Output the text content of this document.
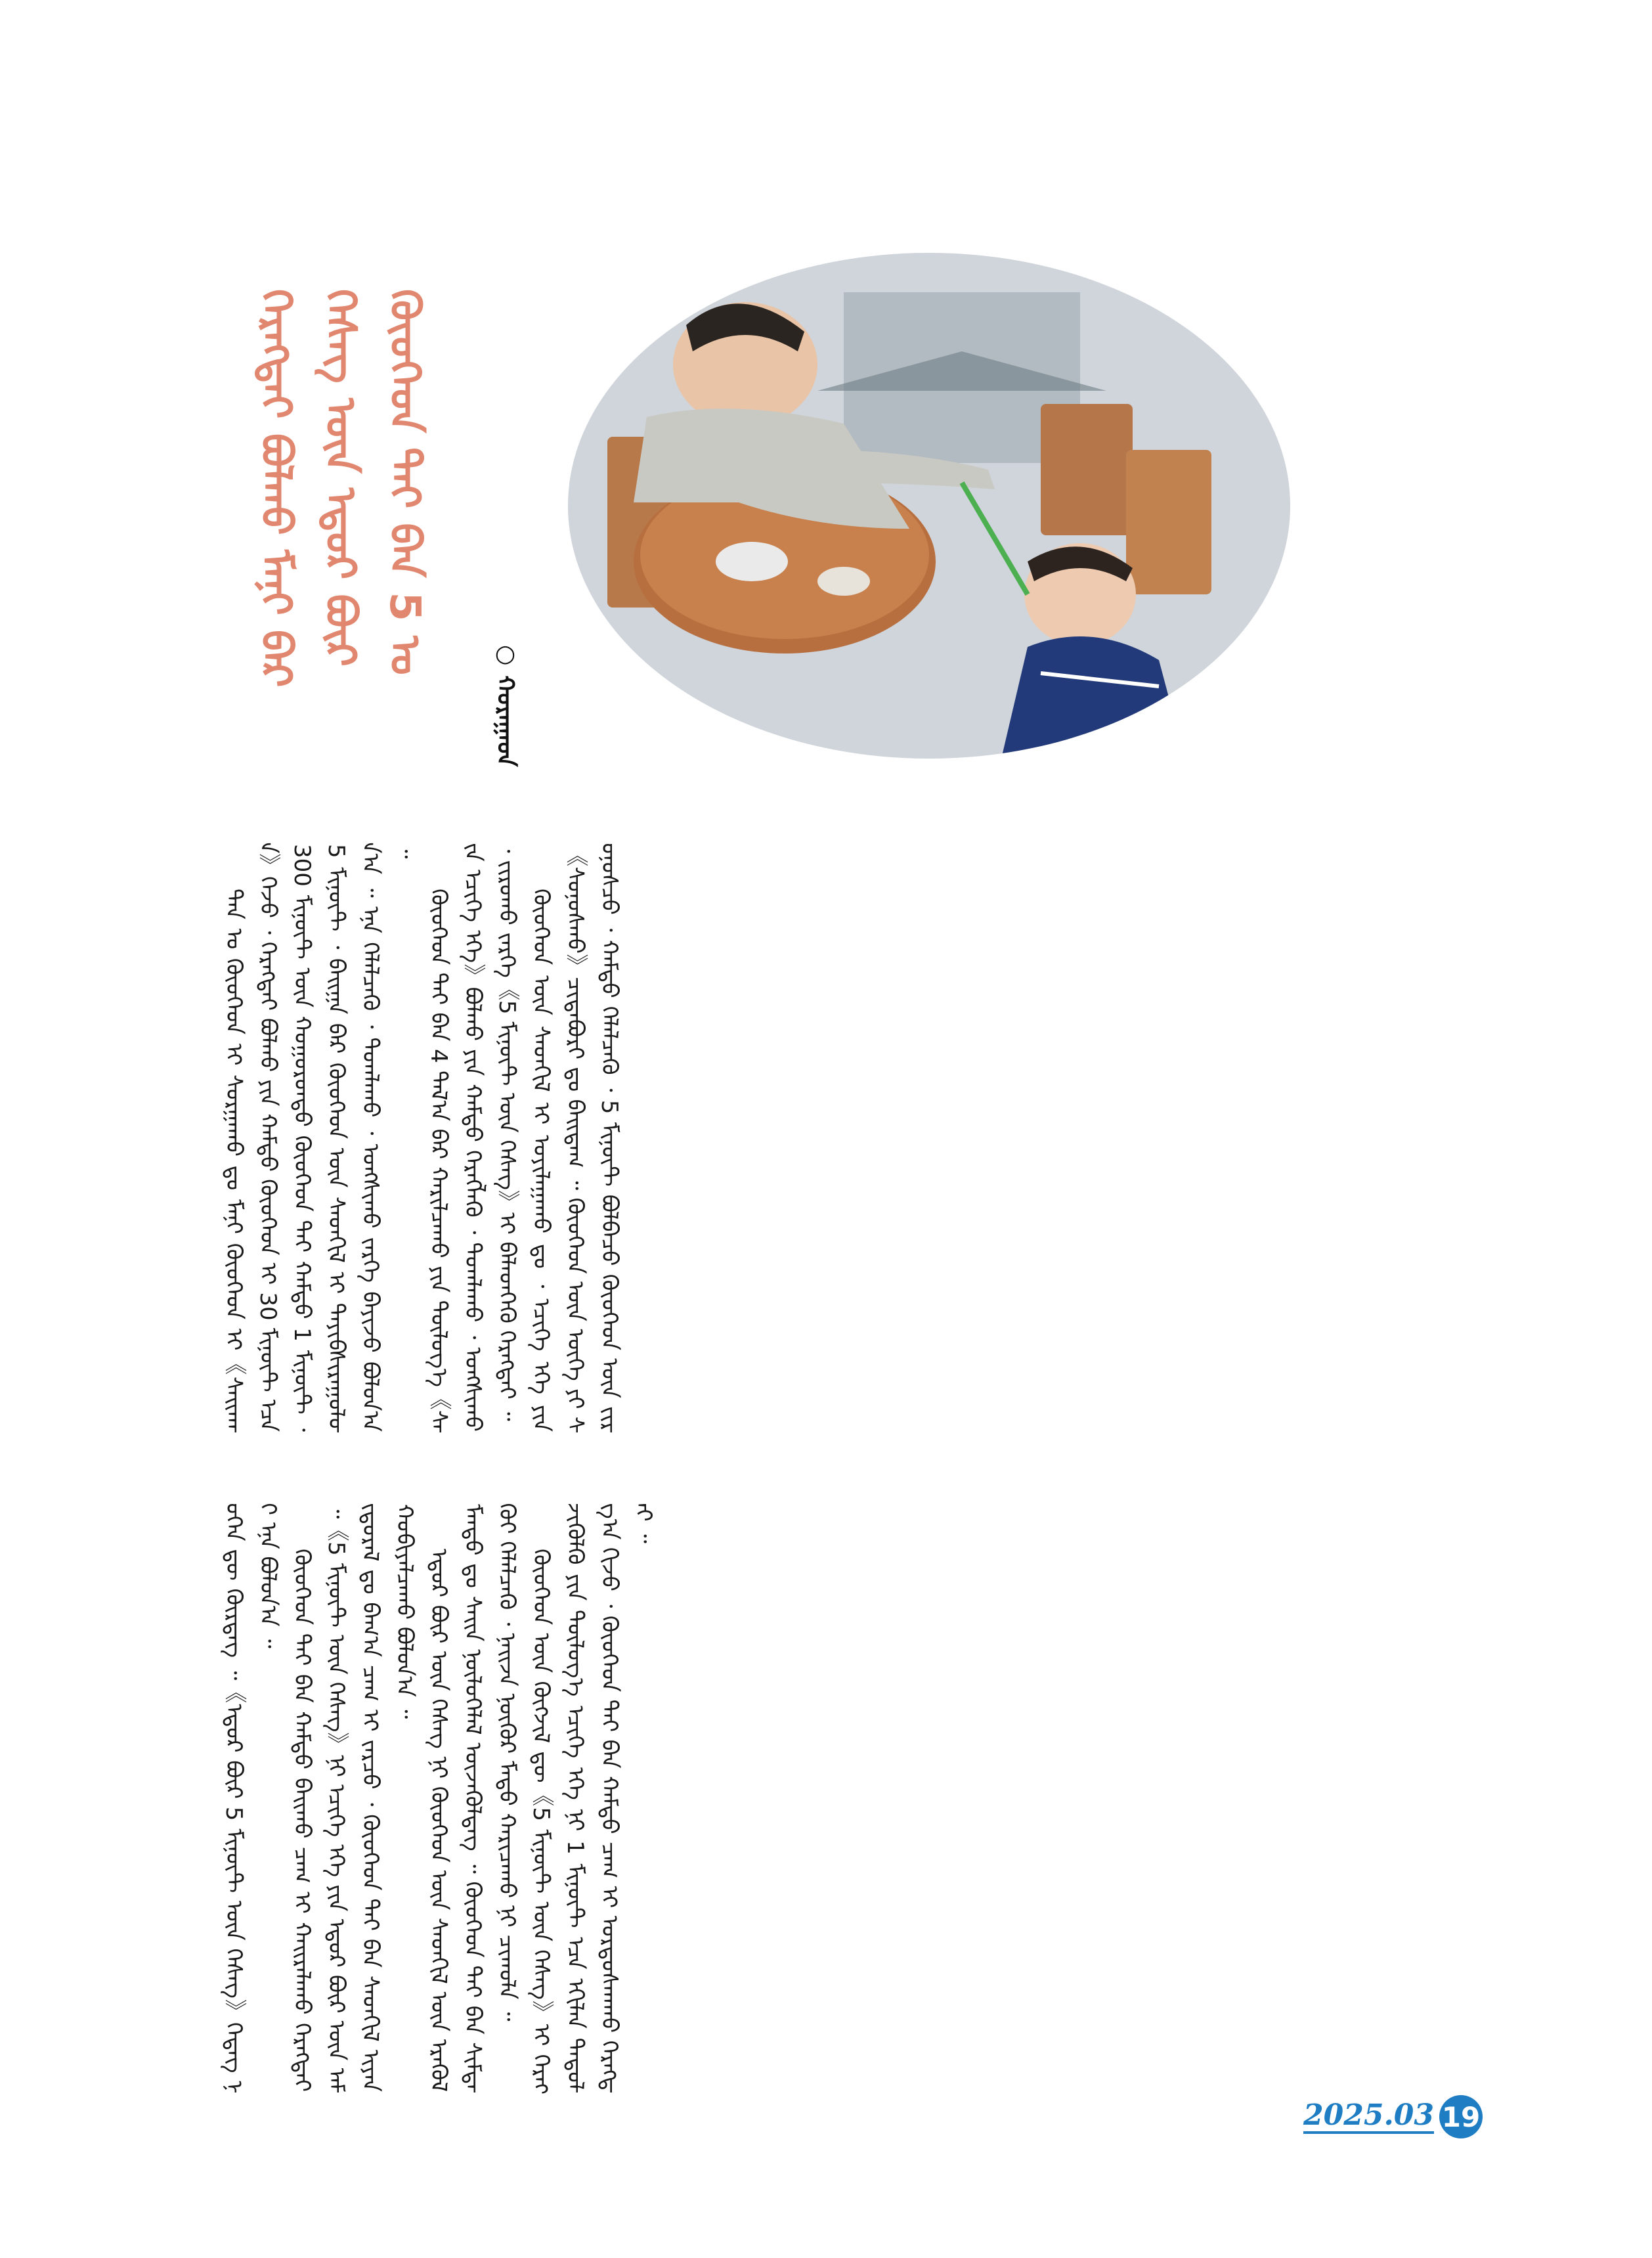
ᠬᠡᠷᠡᠭᠲᠡᠢ ᠪᠣᠯᠬᠤ ᠮᠠᠨᠢ ᠪᠡᠷ ᠬᠡᠰᠡᠭ ᠦᠨ ᠡᠳᠦᠷ ᠪᠦᠷ ᠬᠦᠦᠬᠡᠳ ᠲᠠᠢ ᠪᠡᠨ 5 ᠤ
○ ᠬᠤᠷᠠᠭᠠᠳ

ᠲᠠᠨ ᠤ ᠬᠦᠦᠬᠡᠳ ᠢ ᠰᠤᠷᠭᠠᠬᠤ ᠳᠤ ᠮᠠᠨᠢ ᠬᠦᠦᠬᠡᠳ ᠢ《ᠰᠠᠢᠬᠠᠨ》ᠭᠡᠵᠦ ᠂ ᠬᠡᠷᠡᠭᠲᠡᠢ ᠪᠣᠯᠬᠤ ᠶᠢᠨ ᠬᠠᠮᠲᠤ ᠬᠦᠦᠬᠡᠳ ᠢ 30 ᠮᠢᠨᠦ᠋ᠲ ᠡᠴᠡ 300 ᠮᠢᠨᠦ᠋ᠲ ᠦᠨ ᠬᠤᠭᠤᠷᠤᠨᠳᠤ ᠬᠦᠦᠬᠡᠳ ᠲᠠᠢ ᠬᠠᠮᠲᠤ 1 ᠮᠢᠨᠦ᠋ᠲ ᠂ 5 ᠮᠢᠨᠦ᠋ᠲ ᠂ ᠪᠠᠢᠭᠠ ᠪᠡᠷ ᠬᠦᠦᠬᠡᠳ ᠦᠨ ᠰᠡᠳᠬᠢᠯ ᠢ ᠲᠠᠶᠢᠪᠰᠢᠷᠠᠭᠤᠯᠤᠨ᠎ᠠ ᠃ ᠡᠨᠡ ᠬᠡᠯᠡᠯᠴᠡᠬᠦ ᠂ ᠲᠣᠭᠯᠠᠬᠤ ᠂ ᠤᠩᠰᠢᠬᠤ ᠵᠡᠷᠭᠡ ᠪᠠᠶᠢᠵᠤ ᠪᠣᠯᠣᠨ᠎ᠠ ᠃

ᠬᠦᠦᠬᠡᠳ ᠲᠠᠢ ᠪᠡᠨ 4 ᠲᠠᠯ᠎ᠠ ᠪᠡᠷ ᠬᠠᠷᠢᠯᠴᠠᠬᠤ ᠶᠢᠨ ᠲᠥᠯᠥᠭ᠎ᠡ《ᠰᠠᠢᠨ ᠡᠴᠢᠭᠡ ᠡᠬᠡ》ᠪᠣᠯᠬᠤ ᠶᠢᠨ ᠬᠠᠮᠲᠤ ᠬᠡᠷᠡᠭᠯᠡᠬᠦ ᠂ ᠲᠣᠭᠯᠠᠬᠤ ᠂ ᠤᠩᠰᠢᠬᠤ ᠂ ᠵᠢᠷᠤᠬᠤ ᠵᠡᠷᠭᠡ《5 ᠮᠢᠨᠦ᠋ᠲ ᠦᠨ ᠬᠡᠰᠡᠭ》ᠢ ᠪᠡᠯᠡᠳᠬᠡᠬᠦ ᠬᠡᠷᠡᠭᠲᠡᠢ ᠃ ᠬᠦᠦᠬᠡᠳ ᠦᠨ ᠰᠡᠳᠬᠢᠯ ᠢ ᠣᠶᠢᠯᠠᠭᠠᠬᠤ ᠳᠤ ᠂ ᠡᠴᠢᠭᠡ ᠡᠬᠡ ᠶᠢᠨ《ᠰᠣᠨᠣᠰᠬᠤ》ᠴᠢᠳᠠᠪᠤᠷᠢ ᠳᠤ ᠪᠠᠢᠳᠠᠭ ᠃ ᠬᠦᠦᠬᠡᠳ ᠦᠨ ᠦᠭᠡ ᠶᠢ ᠰᠣᠨᠣᠰᠴᠤ ᠂ ᠬᠠᠮᠲᠤ ᠬᠡᠯᠡᠯᠴᠡᠬᠦ ᠂ 5 ᠮᠢᠨᠦ᠋ᠲ ᠪᠣᠯᠪᠠᠴᠤ ᠬᠦᠦᠬᠡᠳ ᠦᠨ ᠵᠢᠷᠦᠬᠡᠨ ᠳᠦ ᠬᠦᠷᠳᠡᠭ ᠃《ᠡᠳᠦᠷ ᠪᠦᠷ 5 ᠮᠢᠨᠦ᠋ᠲ ᠦᠨ ᠬᠡᠰᠡᠭ》ᠭᠡᠳᠡᠭ ᠨᠢ ᠡᠨᠡ ᠪᠣᠯᠣᠨ᠎ᠠ ᠃ ᠬᠦᠦᠬᠡᠳ ᠲᠠᠢ ᠪᠡᠨ ᠬᠠᠮᠲᠤ ᠪᠠᠢᠬᠤ ᠴᠠᠭ ᠢ ᠬᠠᠢᠷᠠᠯᠠᠬᠤ ᠬᠡᠷᠡᠭᠲᠡᠢ ᠃《5 ᠮᠢᠨᠦ᠋ᠲ ᠦᠨ ᠬᠡᠰᠡᠭ》ᠨᠢ ᠡᠴᠢᠭᠡ ᠡᠬᠡ ᠶᠢᠨ ᠡᠳᠦᠷ ᠪᠦᠷ ᠦᠨ ᠠᠮᠢᠳᠤᠷᠠᠯ ᠳᠤ ᠪᠠᠭ᠎ᠠ ᠴᠠᠭ ᠢ ᠵᠠᠷᠴᠤ ᠂ ᠬᠦᠦᠬᠡᠳ ᠲᠠᠢ ᠪᠡᠨ ᠰᠡᠳᠬᠢᠯ ᠢᠶᠡᠨ ᠬᠤᠪᠢᠶᠠᠯᠴᠠᠬᠤ ᠪᠣᠯᠣᠨ᠎ᠠ ᠃ ᠡᠳᠦᠷ ᠪᠦᠷ ᠦᠨ ᠬᠡᠰᠡᠭ ᠨᠢ ᠬᠦᠦᠬᠡᠳ ᠦᠨ ᠰᠡᠳᠬᠢᠯ ᠦᠨ ᠡᠷᠡᠭᠦᠯ ᠮᠡᠨᠳᠦ ᠳᠤ ᠰᠠᠢᠨ ᠨᠥᠯᠥᠭᠡᠯᠡᠯ ᠦᠵᠡᠭᠦᠯᠳᠡᠭ ᠃ ᠬᠦᠦᠬᠡᠳ ᠲᠠᠢ ᠪᠡᠨ ᠰᠢᠮᠲᠡᠭᠦᠢ ᠬᠡᠯᠡᠯᠴᠡᠬᠦ ᠂ ᠨᠠᠢᠵᠠ ᠨᠥᠬᠦᠷ ᠮᠡᠲᠦ ᠬᠠᠷᠢᠴᠠᠬᠤ ᠨᠢ ᠴᠢᠬᠤᠯᠠ ᠃ ᠬᠦᠦᠬᠡᠳ ᠦᠨ ᠬᠥᠭᠵᠢᠯ ᠳᠦ《5 ᠮᠢᠨᠦ᠋ᠲ ᠦᠨ ᠬᠡᠰᠡᠭ》ᠢ ᠬᠡᠷᠡᠭᠵᠢᠭᠦᠯᠬᠦ ᠶᠢᠨ ᠲᠥᠯᠥᠭ᠎ᠡ ᠡᠴᠢᠭᠡ ᠡᠬᠡ ᠨᠢ 1 ᠮᠢᠨᠦ᠋ᠲ ᠡᠴᠡ ᠡᠬᠢᠯᠡᠨ ᠳᠠᠳᠤᠯᠭ᠎ᠠ ᠬᠢᠵᠦ ᠂ ᠬᠦᠦᠬᠡᠳ ᠲᠠᠢ ᠪᠡᠨ ᠬᠠᠮᠲᠤ ᠴᠠᠭ ᠢ ᠤᠷᠲᠤᠰᠬᠠᠬᠤ ᠬᠡᠷᠡᠭᠲᠡᠢ ᠃

2025.03 19
